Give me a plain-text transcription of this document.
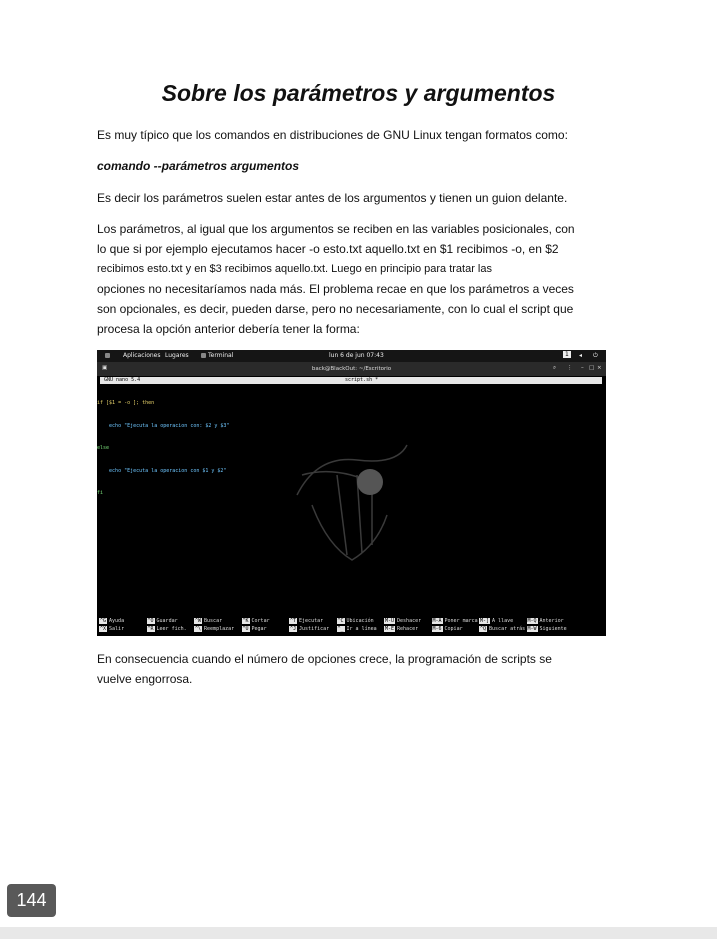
Sobre los parámetros y argumentos

Es muy típico que los comandos en distribuciones de GNU Linux tengan formatos como:

comando --parámetros argumentos

Es decir los parámetros suelen estar antes de los argumentos y tienen un guion delante.

Los parámetros, al igual que los argumentos se reciben en las variables posicionales, con

lo que si por ejemplo ejecutamos hacer -o esto.txt aquello.txt en $1 recibimos -o, en $2

recibimos esto.txt y en $3 recibimos aquello.txt. Luego en principio para tratar las

opciones no necesitaríamos nada más. El problema recae en que los parámetros a veces

son opcionales, es decir, pueden darse, pero no necesariamente, con lo cual el script que

procesa la opción anterior debería tener la forma:

Aplicaciones Lugares	Terminal	lun 6 de jun 07:43	1	◂ ⏻
▣	back@BlackOut: ~/Escritorio	⌕ ⋮ – □ ×
GNU nano 5.4	script.sh *

if [$1 = -o ]; then

echo "Ejecuta la operacion con: $2 y $3"

else

echo "Ejecuta la operacion con $1 y $2"

fi

^G Ayuda
^X Salir
^O Guardar
^R Leer fich.
^W Buscar
^\ Reemplazar
^K Cortar
^U Pegar
^T Ejecutar
^J Justificar
^C Ubicación
^_ Ir a línea
M-U Deshacer
M-E Rehacer
M-A Poner marca
M-6 Copiar
M-] A llave
^Q Buscar atrás
M-Q Anterior
M-W Siguiente

En consecuencia cuando el número de opciones crece, la programación de scripts se

vuelve engorrosa.

144
